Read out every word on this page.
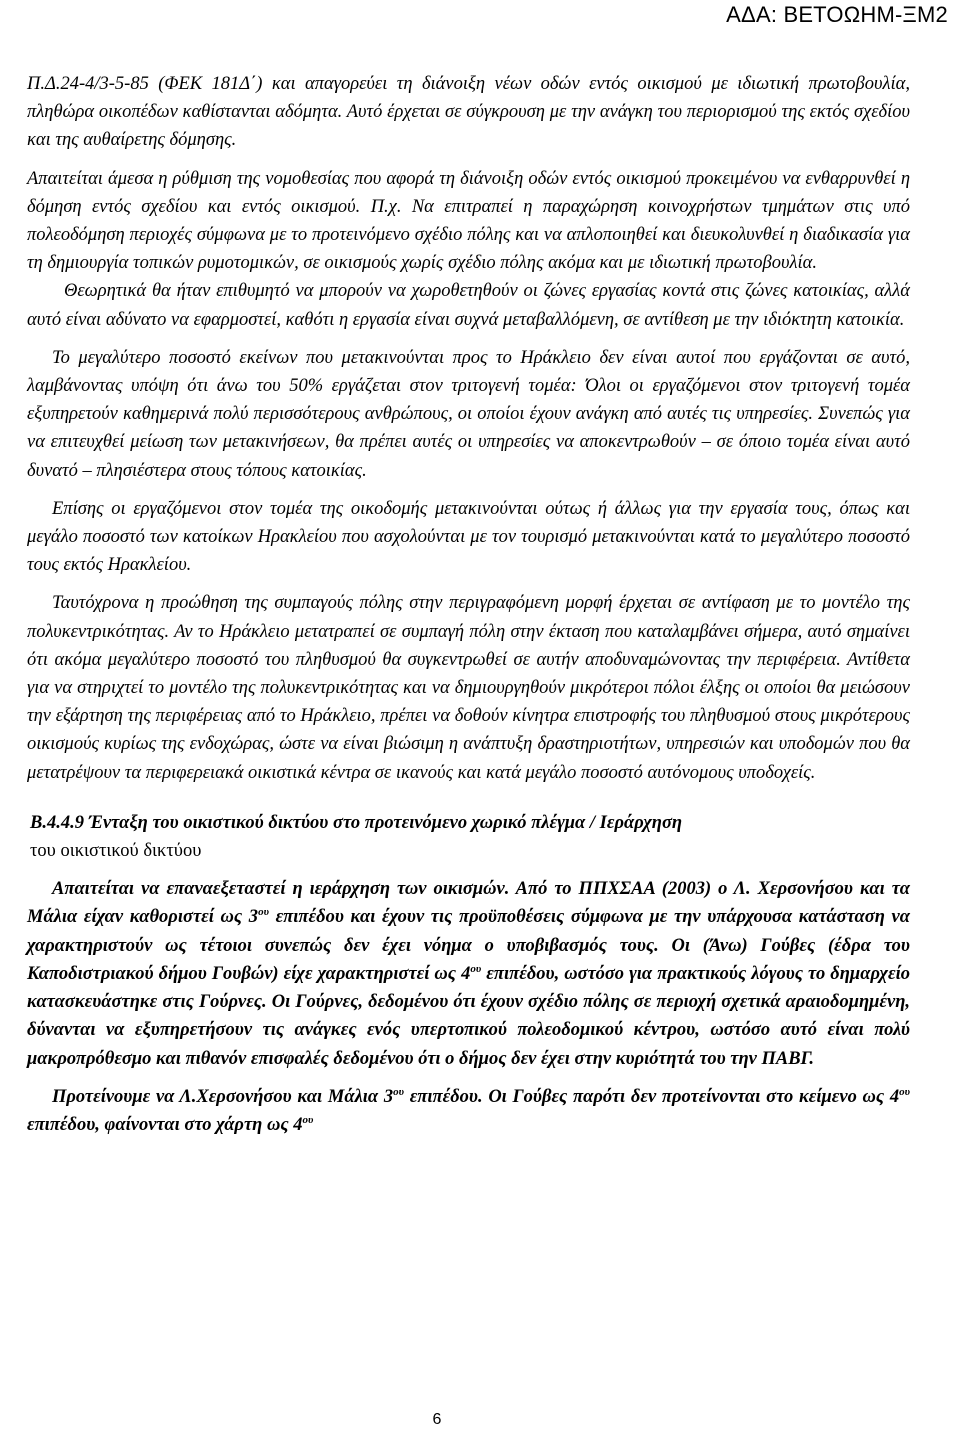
ΑΔΑ: ΒΕΤΟΩΗΜ-ΞΜ2

Π.Δ.24-4/3-5-85 (ΦΕΚ 181Δ΄) και απαγορεύει τη διάνοιξη νέων οδών εντός οικισμού με ιδιωτική πρωτοβουλία, πληθώρα οικοπέδων καθίστανται αδόμητα. Αυτό έρχεται σε σύγκρουση με την ανάγκη του περιορισμού της εκτός σχεδίου και της αυθαίρετης δόμησης.

Απαιτείται άμεσα η ρύθμιση της νομοθεσίας που αφορά τη διάνοιξη οδών εντός οικισμού προκειμένου να ενθαρρυνθεί η δόμηση εντός σχεδίου και εντός οικισμού. Π.χ. Να επιτραπεί η παραχώρηση κοινοχρήστων τμημάτων στις υπό πολεοδόμηση περιοχές σύμφωνα με το προτεινόμενο σχέδιο πόλης και να απλοποιηθεί και διευκολυνθεί η διαδικασία για τη δημιουργία τοπικών ρυμοτομικών, σε οικισμούς χωρίς σχέδιο πόλης ακόμα και με ιδιωτική πρωτοβουλία.

Θεωρητικά θα ήταν επιθυμητό να μπορούν να χωροθετηθούν οι ζώνες εργασίας κοντά στις ζώνες κατοικίας, αλλά αυτό είναι αδύνατο να εφαρμοστεί, καθότι η εργασία είναι συχνά μεταβαλλόμενη, σε αντίθεση με την ιδιόκτητη κατοικία.

Το μεγαλύτερο ποσοστό εκείνων που μετακινούνται προς το Ηράκλειο δεν είναι αυτοί που εργάζονται σε αυτό, λαμβάνοντας υπόψη ότι άνω του 50% εργάζεται στον τριτογενή τομέα: Όλοι οι εργαζόμενοι στον τριτογενή τομέα εξυπηρετούν καθημερινά πολύ περισσότερους ανθρώπους, οι οποίοι έχουν ανάγκη από αυτές τις υπηρεσίες. Συνεπώς για να επιτευχθεί μείωση των μετακινήσεων, θα πρέπει αυτές οι υπηρεσίες να αποκεντρωθούν – σε όποιο τομέα είναι αυτό δυνατό – πλησιέστερα στους τόπους κατοικίας.

Επίσης οι εργαζόμενοι στον τομέα της οικοδομής μετακινούνται ούτως ή άλλως για την εργασία τους, όπως και μεγάλο ποσοστό των κατοίκων Ηρακλείου που ασχολούνται με τον τουρισμό μετακινούνται κατά το μεγαλύτερο ποσοστό τους εκτός Ηρακλείου.

Ταυτόχρονα η προώθηση της συμπαγούς πόλης στην περιγραφόμενη μορφή έρχεται σε αντίφαση με το μοντέλο της πολυκεντρικότητας. Αν το Ηράκλειο μετατραπεί σε συμπαγή πόλη στην έκταση που καταλαμβάνει σήμερα, αυτό σημαίνει ότι ακόμα μεγαλύτερο ποσοστό του πληθυσμού θα συγκεντρωθεί σε αυτήν αποδυναμώνοντας την περιφέρεια. Αντίθετα για να στηριχτεί το μοντέλο της πολυκεντρικότητας και να δημιουργηθούν μικρότεροι πόλοι έλξης οι οποίοι θα μειώσουν την εξάρτηση της περιφέρειας από το Ηράκλειο, πρέπει να δοθούν κίνητρα επιστροφής του πληθυσμού στους μικρότερους οικισμούς κυρίως της ενδοχώρας, ώστε να είναι βιώσιμη η ανάπτυξη δραστηριοτήτων, υπηρεσιών και υποδομών που θα μετατρέψουν τα περιφερειακά οικιστικά κέντρα σε ικανούς και κατά μεγάλο ποσοστό αυτόνομους υποδοχείς.

Β.4.4.9 Ένταξη του οικιστικού δικτύου στο προτεινόμενο χωρικό πλέγμα / Ιεράρχηση
του οικιστικού δικτύου

Απαιτείται να επαναεξεταστεί η ιεράρχηση των οικισμών. Από το ΠΠΧΣΑΑ (2003) ο Λ. Χερσονήσου και τα Μάλια είχαν καθοριστεί ως $3^{o\upsilon}$ επιπέδου και έχουν τις προϋποθέσεις σύμφωνα με την υπάρχουσα κατάσταση να χαρακτηριστούν ως τέτοιοι συνεπώς δεν έχει νόημα ο υποβιβασμός τους. Οι (Άνω) Γούβες (έδρα του Καποδιστριακού δήμου Γουβών) είχε χαρακτηριστεί ως $4^{o\upsilon}$ επιπέδου, ωστόσο για πρακτικούς λόγους το δημαρχείο κατασκευάστηκε στις Γούρνες. Οι Γούρνες, δεδομένου ότι έχουν σχέδιο πόλης σε περιοχή σχετικά αραιοδομημένη, δύνανται να εξυπηρετήσουν τις ανάγκες ενός υπερτοπικού πολεοδομικού κέντρου, ωστόσο αυτό είναι πολύ μακροπρόθεσμο και πιθανόν επισφαλές δεδομένου ότι ο δήμος δεν έχει στην κυριότητά του την ΠΑΒΓ.

Προτείνουμε να Λ.Χερσονήσου και Μάλια $3^{o\upsilon}$ επιπέδου. Οι Γούβες παρότι δεν προτείνονται στο κείμενο ως $4^{o\upsilon}$ επιπέδου, φαίνονται στο χάρτη ως $4^{o\upsilon}$

6
